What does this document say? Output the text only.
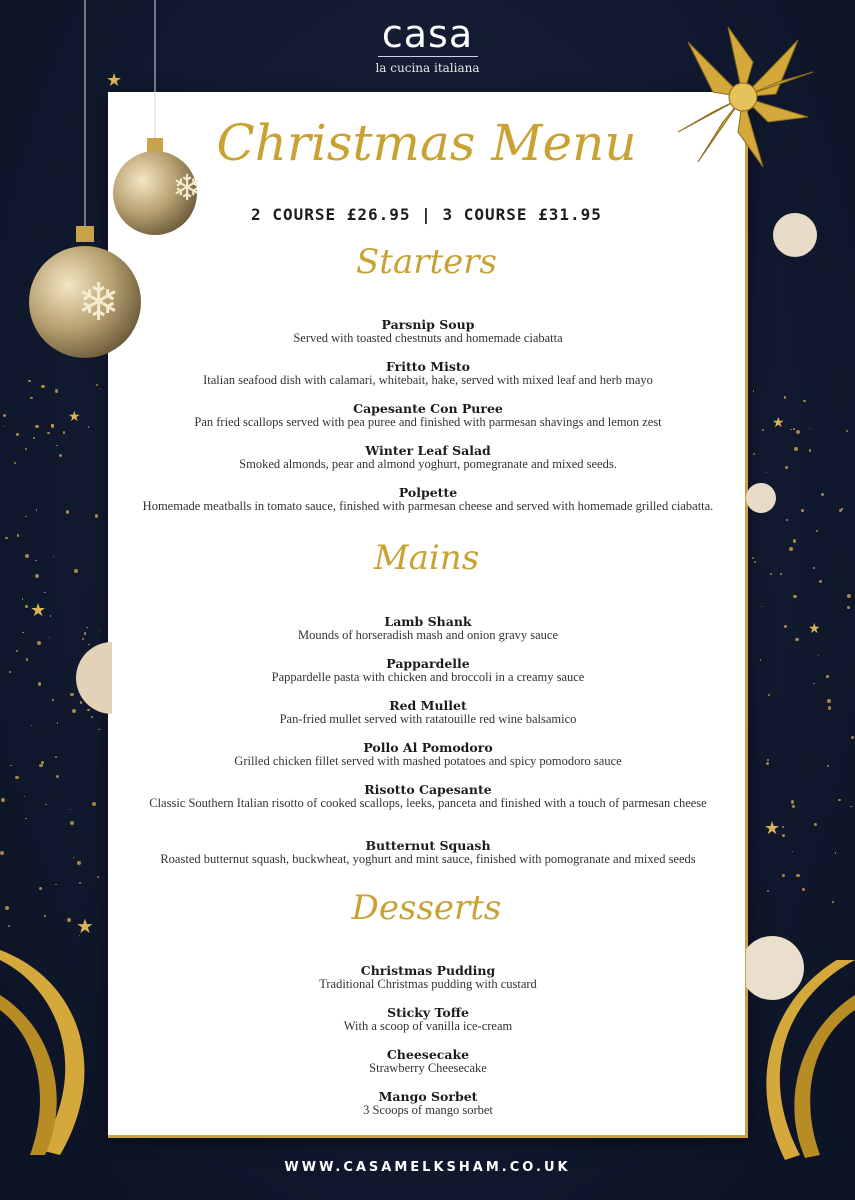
★
★
★
★
★
★
★
casa
la cucina italiana
Christmas Menu
2 COURSE £26.95 | 3 COURSE £31.95
Starters
Parsnip Soup
Served with toasted chestnuts and homemade ciabatta
Fritto Misto
Italian seafood dish with calamari, whitebait, hake, served with mixed leaf and herb mayo
Capesante Con Puree
Pan fried scallops served with pea puree and finished with parmesan shavings and lemon zest
Winter Leaf Salad
Smoked almonds, pear and almond yoghurt, pomegranate and mixed seeds.
Polpette
Homemade meatballs in tomato sauce, finished with parmesan cheese and served with homemade grilled ciabatta.
Mains
Lamb Shank
Mounds of horseradish mash and onion gravy sauce
Pappardelle
Pappardelle pasta with chicken and broccoli in a creamy sauce
Red Mullet
Pan-fried mullet served with ratatouille red wine balsamico
Pollo Al Pomodoro
Grilled chicken fillet served with mashed potatoes and spicy pomodoro sauce
Risotto Capesante
Classic Southern Italian risotto of cooked scallops, leeks, panceta and finished with a touch of parmesan cheese
Butternut Squash
Roasted butternut squash, buckwheat, yoghurt and mint sauce, finished with pomogranate and mixed seeds
Desserts
Christmas Pudding
Traditional Christmas pudding with custard
Sticky Toffe
With a scoop of vanilla ice-cream
Cheesecake
Strawberry Cheesecake
Mango Sorbet
3 Scoops of mango sorbet
❄
❄
WWW.CASAMELKSHAM.CO.UK
